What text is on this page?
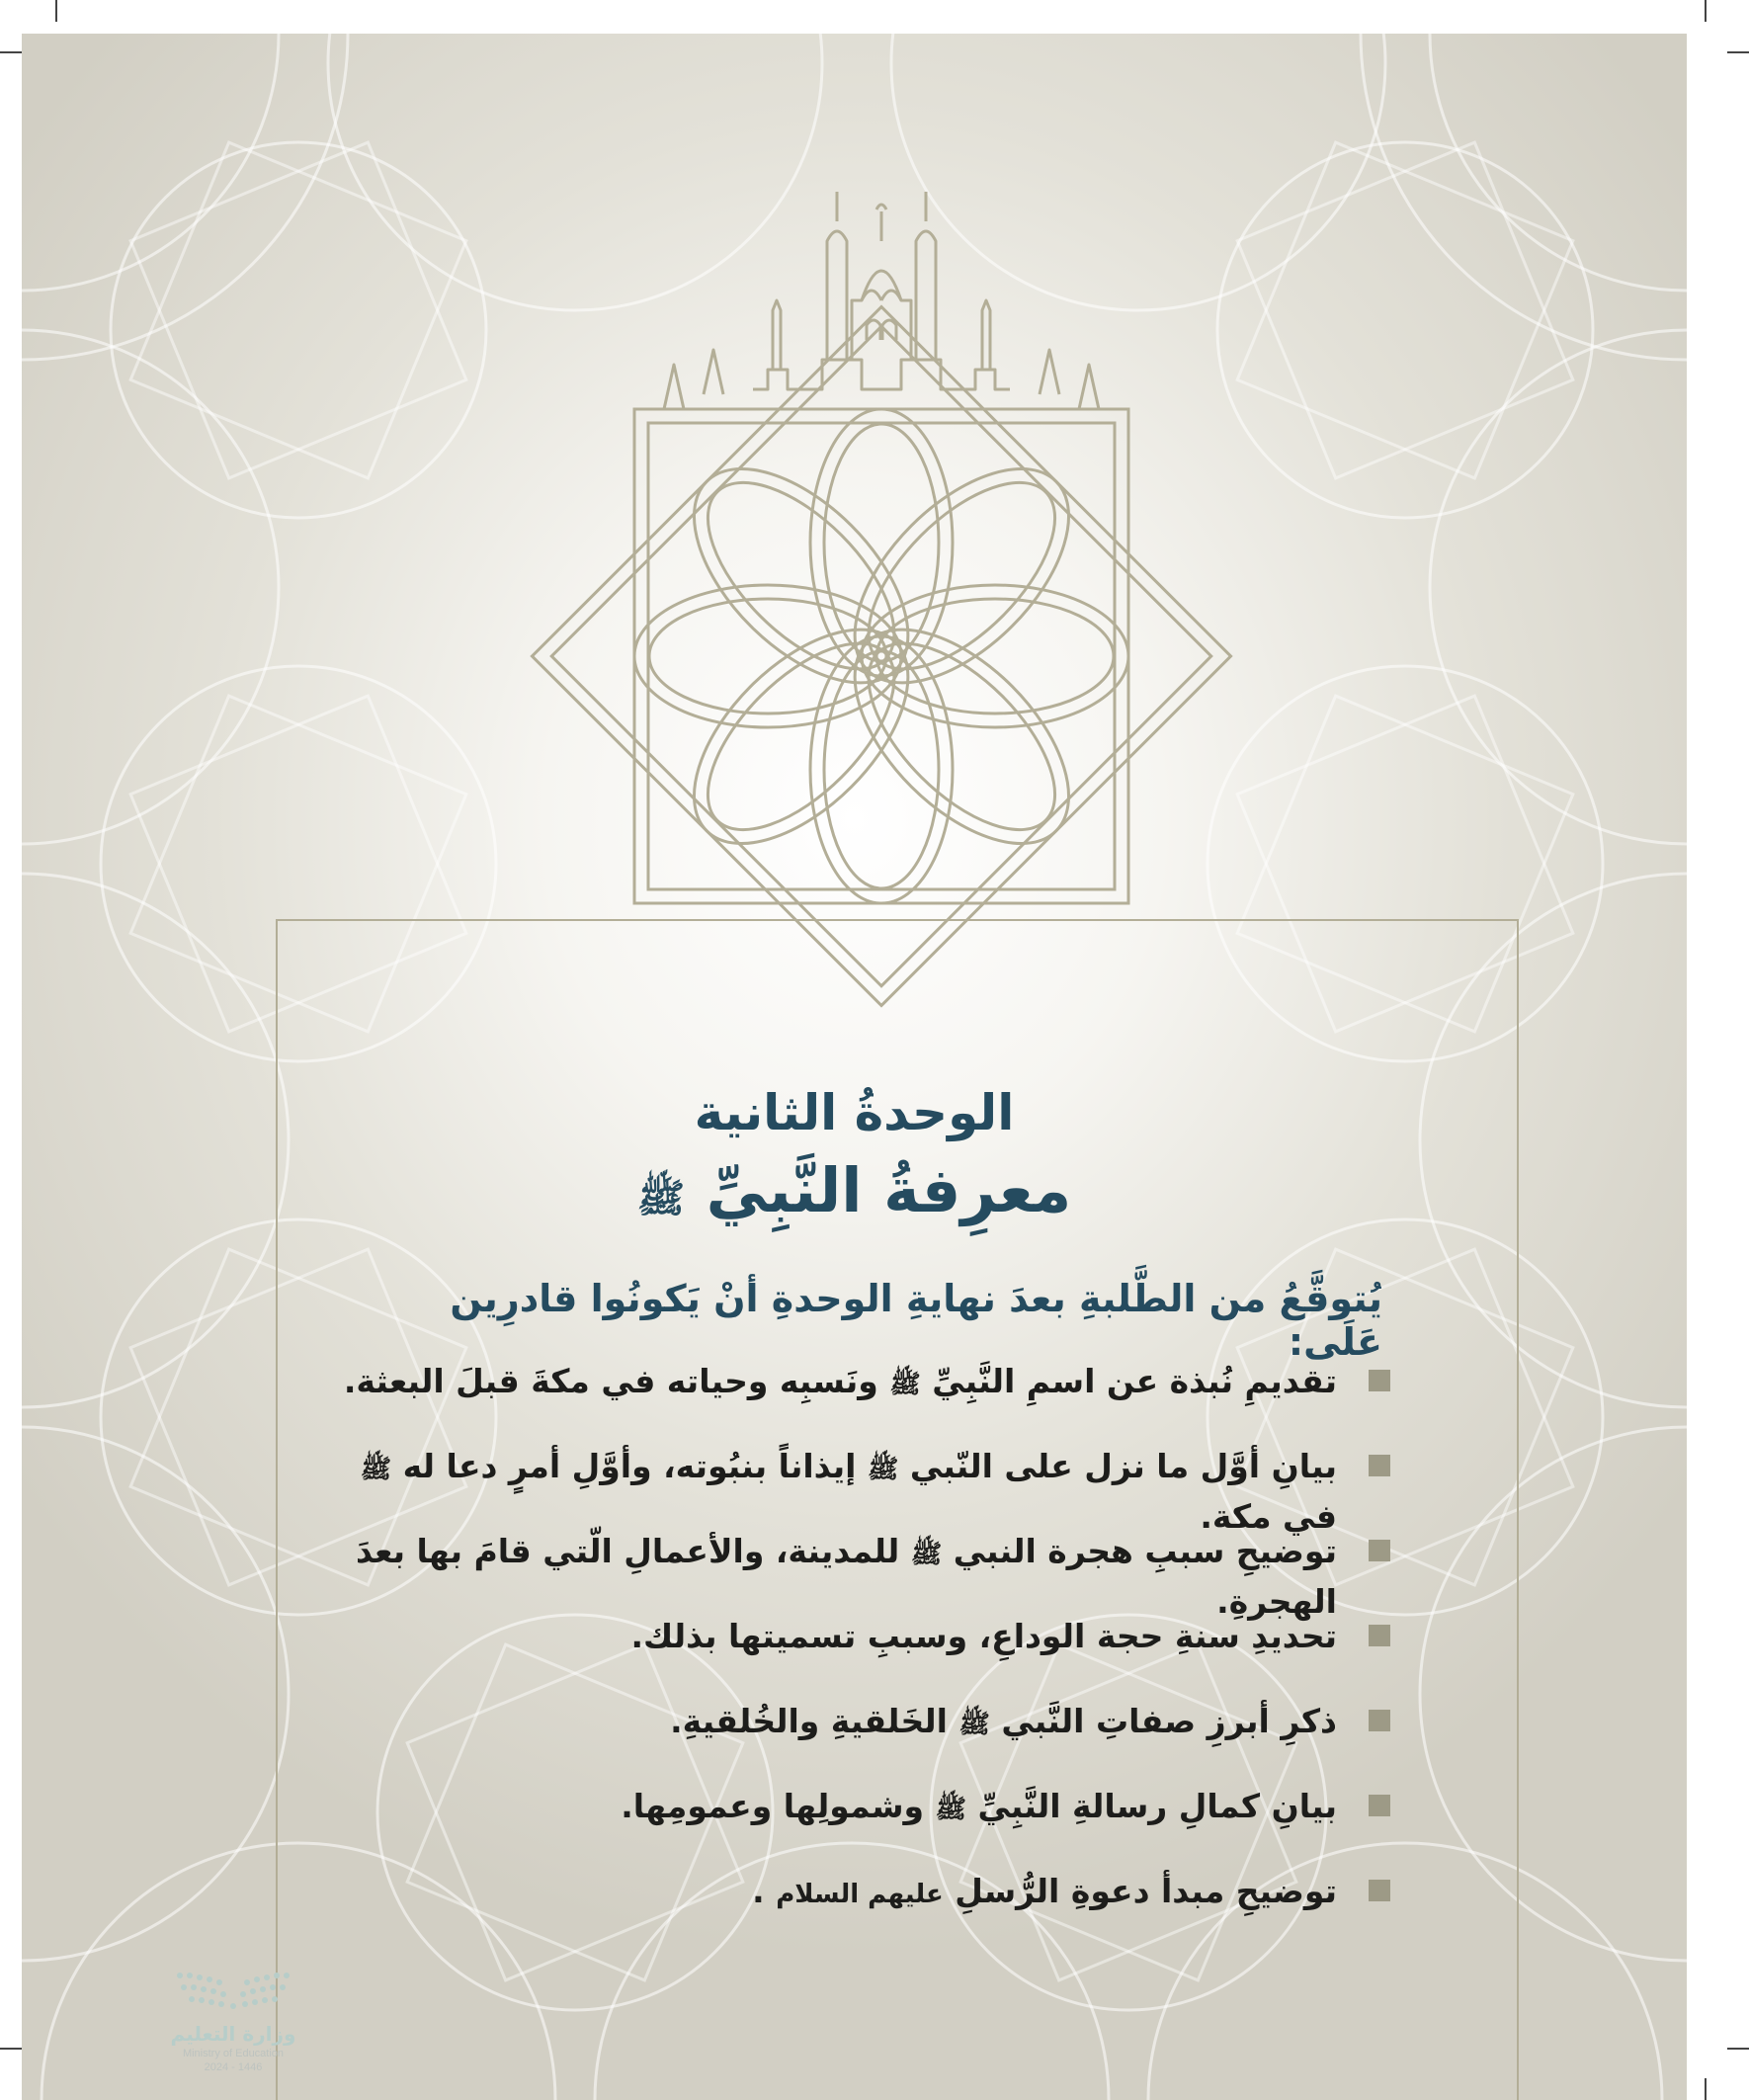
الوحدةُ الثانية

معرِفةُ النَّبِيِّ ﷺ

يُتوقَّعُ من الطَّلبةِ بعدَ نهايةِ الوحدةِ أنْ يَكونُوا قادرِين عَلَى:

تقديمِ نُبذة عن اسمِ النَّبِيِّ ﷺ ونَسبِه وحياته في مكةَ قبلَ البعثة.
بيانِ أوَّل ما نزل على النّبي ﷺ إيذاناً بنبُوته، وأوَّلِ أمرٍ دعا له ﷺ في مكة.
توضيحِ سببِ هجرة النبي ﷺ للمدينة، والأعمالِ الّتي قامَ بها بعدَ الهجرةِ.
تحديدِ سنةِ حجة الوداعِ، وسببِ تسميتها بذلك.
ذكرِ أبرزِ صفاتِ النَّبي ﷺ الخَلقيةِ والخُلقيةِ.
بيانِ كمالِ رسالةِ النَّبِيِّ ﷺ وشمولِها وعمومِها.
توضيحِ مبدأ دعوةِ الرُّسلِ عليهم السلام .
وزارة التعليم
Ministry of Education
2024 - 1446
